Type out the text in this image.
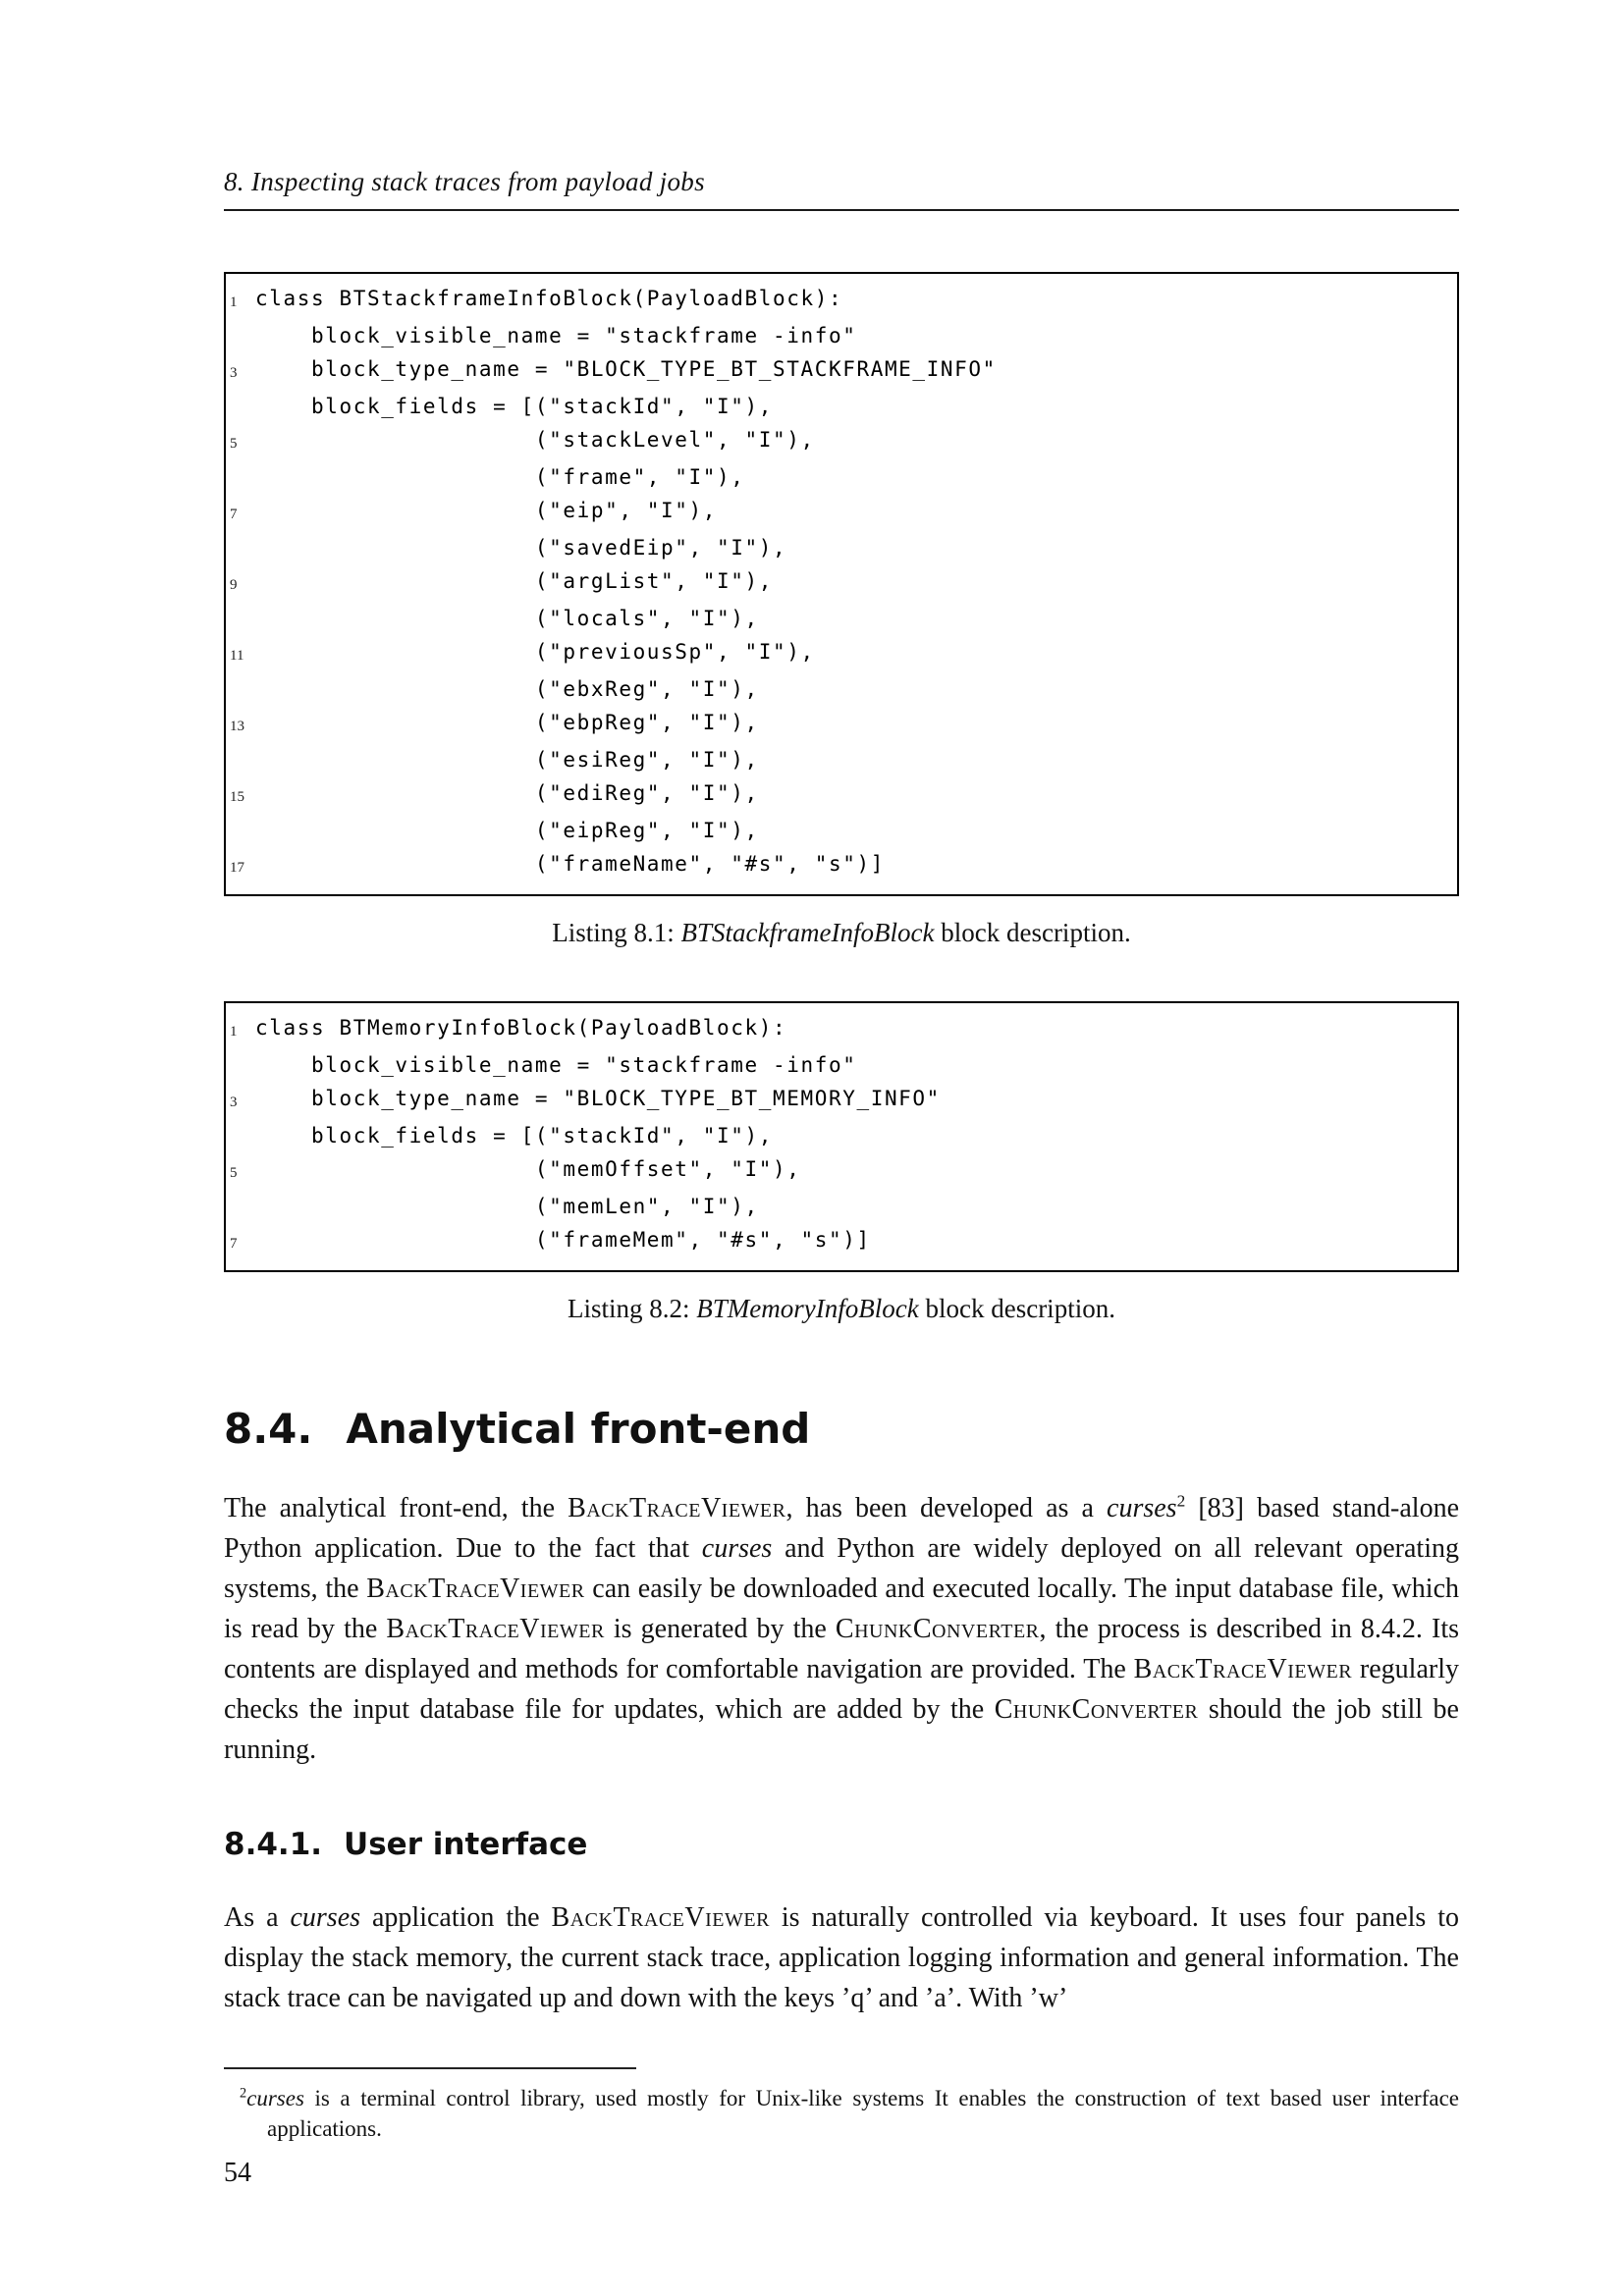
8. Inspecting stack traces from payload jobs
1 class BTStackframeInfoBlock(PayloadBlock):
block_visible_name = "stackframe -info"
3 block_type_name = "BLOCK_TYPE_BT_STACKFRAME_INFO"
block_fields = [("stackId", "I"),
5 ("stackLevel", "I"),
("frame", "I"),
7 ("eip", "I"),
("savedEip", "I"),
9 ("argList", "I"),
("locals", "I"),
11 ("previousSp", "I"),
("ebxReg", "I"),
13 ("ebpReg", "I"),
("esiReg", "I"),
15 ("ediReg", "I"),
("eipReg", "I"),
17 ("frameName", "#s", "s")]
Listing 8.1: BTStackframeInfoBlock block description.
1 class BTMemoryInfoBlock(PayloadBlock):
block_visible_name = "stackframe -info"
3 block_type_name = "BLOCK_TYPE_BT_MEMORY_INFO"
block_fields = [("stackId", "I"),
5 ("memOffset", "I"),
("memLen", "I"),
7 ("frameMem", "#s", "s")]
Listing 8.2: BTMemoryInfoBlock block description.
8.4. Analytical front-end

The analytical front-end, the BackTraceViewer, has been developed as a curses$^2$ [83] based stand-alone Python application. Due to the fact that curses and Python are widely deployed on all relevant operating systems, the BackTraceViewer can easily be downloaded and executed locally. The input database file, which is read by the BackTraceViewer is generated by the ChunkConverter, the process is described in 8.4.2. Its contents are displayed and methods for comfortable navigation are provided. The BackTraceViewer regularly checks the input database file for updates, which are added by the ChunkConverter should the job still be running.

8.4.1. User interface

As a curses application the BackTraceViewer is naturally controlled via keyboard. It uses four panels to display the stack memory, the current stack trace, application logging information and general information. The stack trace can be navigated up and down with the keys ’q’ and ’a’. With ’w’

$^2$curses is a terminal control library, used mostly for Unix-like systems It enables the construction of text based user interface applications.
54
